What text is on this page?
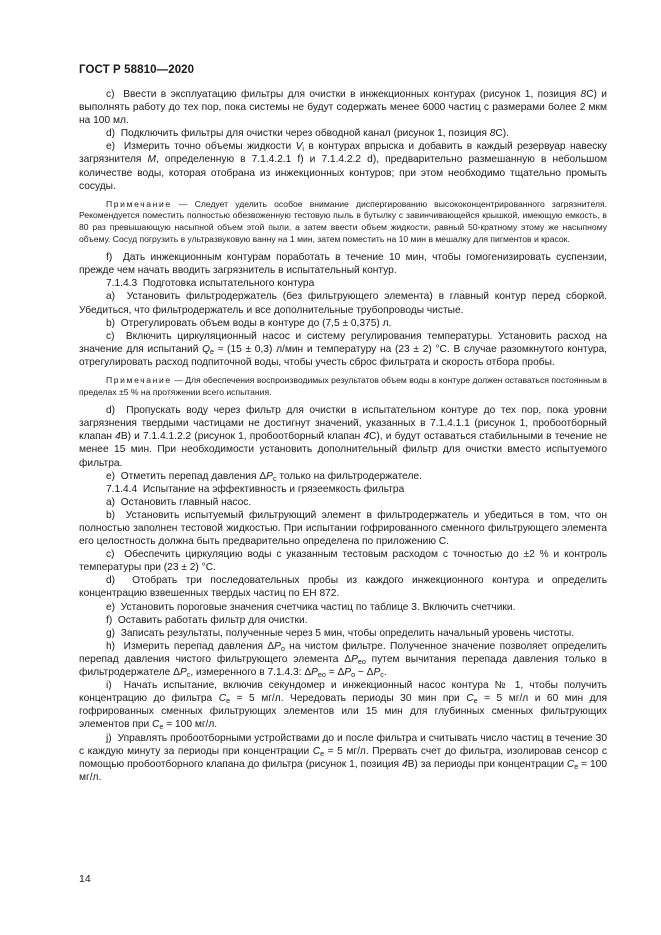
ГОСТ Р 58810—2020

c)  Ввести в эксплуатацию фильтры для очистки в инжекционных контурах (рисунок 1, позиция 8C) и выполнять работу до тех пор, пока системы не будут содержать менее 6000 частиц с размерами более 2 мкм на 100 мл.

d)  Подключить фильтры для очистки через обводной канал (рисунок 1, позиция 8C).

e)  Измерить точно объемы жидкости $V_i$ в контурах впрыска и добавить в каждый резервуар навеску загрязнителя M, определенную в 7.1.4.2.1 f) и 7.1.4.2.2 d), предварительно размешанную в небольшом количестве воды, которая отобрана из инжекционных контуров; при этом необходимо тщательно промыть сосуды.

Примечание — Следует уделить особое внимание диспергированию высококонцентрированного загрязнителя. Рекомендуется поместить полностью обезвоженную тестовую пыль в бутылку с завинчивающейся крышкой, имеющую емкость, в 80 раз превышающую насыпной объем этой пыли, а затем ввести объем жидкости, равный 50-кратному этому же насыпному объему. Сосуд погрузить в ультразвуковую ванну на 1 мин, затем поместить на 10 мин в мешалку для пигментов и красок.

f)  Дать инжекционным контурам поработать в течение 10 мин, чтобы гомогенизировать суспензии, прежде чем начать вводить загрязнитель в испытательный контур.

7.1.4.3  Подготовка испытательного контура

a)  Установить фильтродержатель (без фильтрующего элемента) в главный контур перед сборкой. Убедиться, что фильтродержатель и все дополнительные трубопроводы чистые.

b)  Отрегулировать объем воды в контуре до (7,5 ± 0,375) л.

c)  Включить циркуляционный насос и систему регулирования температуры. Установить расход на значение для испытаний $Q_e \approx (15 \pm 0,3)$ л/мин и температуру на (23 ± 2) °C. В случае разомкнутого контура, отрегулировать расход подпиточной воды, чтобы учесть сброс фильтрата и скорость отбора пробы.

Примечание — Для обеспечения воспроизводимых результатов объем воды в контуре должен оставаться постоянным в пределах ±5 % на протяжении всего испытания.

d)  Пропускать воду через фильтр для очистки в испытательном контуре до тех пор, пока уровни загрязнения твердыми частицами не достигнут значений, указанных в 7.1.4.1.1 (рисунок 1, пробоотборный клапан 4B) и 7.1.4.1.2.2 (рисунок 1, пробоотборный клапан 4C), и будут оставаться стабильными в течение не менее 15 мин. При необходимости установить дополнительный фильтр для очистки вместо испытуемого фильтра.

e)  Отметить перепад давления $\Delta P_c$ только на фильтродержателе.

7.1.4.4  Испытание на эффективность и грязеемкость фильтра

a)  Остановить главный насос.

b)  Установить испытуемый фильтрующий элемент в фильтродержатель и убедиться в том, что он полностью заполнен тестовой жидкостью. При испытании гофрированного сменного фильтрующего элемента его целостность должна быть предварительно определена по приложению C.

c)  Обеспечить циркуляцию воды с указанным тестовым расходом с точностью до ±2 % и контроль температуры при (23 ± 2) °C.

d)  Отобрать три последовательных пробы из каждого инжекционного контура и определить концентрацию взвешенных твердых частиц по ЕН 872.

e)  Установить пороговые значения счетчика частиц по таблице 3. Включить счетчики.

f)  Оставить работать фильтр для очистки.

g)  Записать результаты, полученные через 5 мин, чтобы определить начальный уровень чистоты.

h)  Измерить перепад давления $\Delta P_o$ на чистом фильтре. Полученное значение позволяет определить перепад давления чистого фильтрующего элемента $\Delta P_{eo}$ путем вычитания перепада давления только в фильтродержателе $\Delta P_c$, измеренного в 7.1.4.3: $\Delta P_{eo} = \Delta P_o - \Delta P_c$.

i)  Начать испытание, включив секундомер и инжекционный насос контура № 1, чтобы получить концентрацию до фильтра $C_e = 5$ мг/л. Чередовать периоды 30 мин при $C_e = 5$ мг/л и 60 мин для гофрированных сменных фильтрующих элементов или 15 мин для глубинных сменных фильтрующих элементов при $C_e = 100$ мг/л.

j)  Управлять пробоотборными устройствами до и после фильтра и считывать число частиц в течение 30 с каждую минуту за периоды при концентрации $C_e = 5$ мг/л. Прервать счет до фильтра, изолировав сенсор с помощью пробоотборного клапана до фильтра (рисунок 1, позиция 4B) за периоды при концентрации $C_e = 100$ мг/л.

14
